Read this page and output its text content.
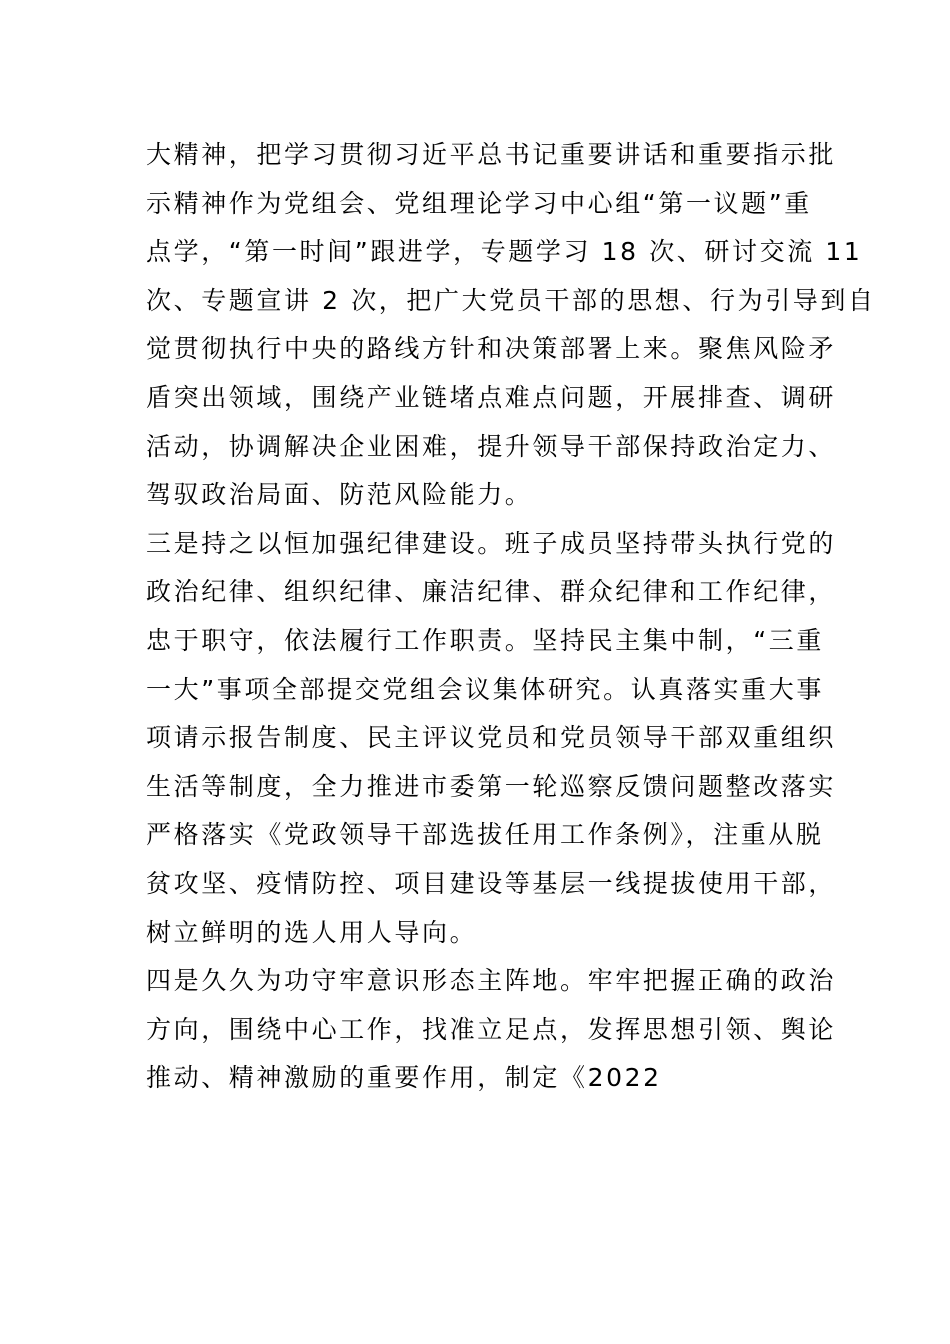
大精神，把学习贯彻习近平总书记重要讲话和重要指示批
示精神作为党组会、党组理论学习中心组“第一议题”重
点学，“第一时间”跟进学，专题学习 18 次、研讨交流 11
次、专题宣讲 2 次，把广大党员干部的思想、行为引导到自
觉贯彻执行中央的路线方针和决策部署上来。聚焦风险矛
盾突出领域，围绕产业链堵点难点问题，开展排查、调研
活动，协调解决企业困难，提升领导干部保持政治定力、
驾驭政治局面、防范风险能力。
三是持之以恒加强纪律建设。班子成员坚持带头执行党的
政治纪律、组织纪律、廉洁纪律、群众纪律和工作纪律，
忠于职守，依法履行工作职责。坚持民主集中制，“三重
一大”事项全部提交党组会议集体研究。认真落实重大事
项请示报告制度、民主评议党员和党员领导干部双重组织
生活等制度，全力推进市委第一轮巡察反馈问题整改落实
严格落实《党政领导干部选拔任用工作条例》，注重从脱
贫攻坚、疫情防控、项目建设等基层一线提拔使用干部，
树立鲜明的选人用人导向。
四是久久为功守牢意识形态主阵地。牢牢把握正确的政治
方向，围绕中心工作，找准立足点，发挥思想引领、舆论
推动、精神激励的重要作用，制定《2022
